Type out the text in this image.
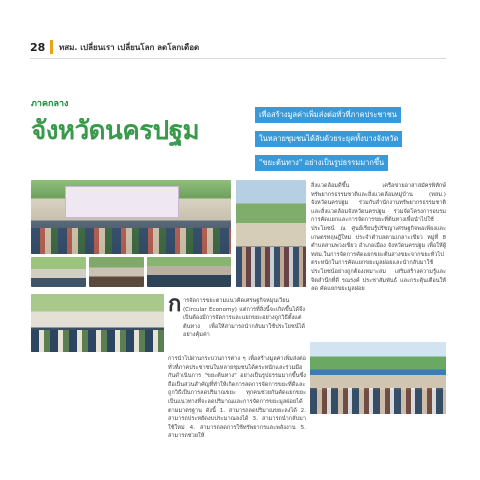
28	ทสม. เปลี่ยนเรา เปลี่ยนโลก ลดโลกเดือด
ภาคกลาง
จังหวัดนครปฐม
เพื่อสร้างมูลค่าเพิ่มส่งต่อทั่วที่ภาคประชาชน
ในหลายชุมชนได้ลับด้วยระยุคทั้งบางจังหวัด
"ขยะต้นทาง" อย่างเป็นรูปธรรมมากขึ้น
สิ่งแวดล้อมดีขึ้น เครือข่ายอาสาสมัครพิทักษ์ทรัพยากรธรรมชาติและสิ่งแวดล้อมหมู่บ้าน (ทสม.) จังหวัดนครปฐม ร่วมกับสำนักงานทรัพยากรธรรมชาติและสิ่งแวดล้อมจังหวัดนครปฐม ร่วมจัดโครงการอบรม การคัดแยกและการจัดการขยะที่ต้นทางเพื่อนำไปใช้ประโยชน์ ณ ศูนย์เรียนรู้ปรัชญาเศรษฐกิจพอเพียงและเกษตรทฤษฎีใหม่ ประจำตำบลตามเกลาะเขียว หมู่ที่ 8 ตำบลสามพวงเขียว อำเภอเมือง จังหวัดนครปฐม เพื่อให้ผู้ทสม.ในการจัดการคัดแยกขยะต้นสางขยะจากขยะทั่วไป ตระหนักในการคัดแยกขยะมูลฝอยและนำกลับมาใช้ประโยชน์อย่างถูกต้องเหมาะสม เสริมสร้างความรู้และจิตสำนึกที่ดี รณรงค์ ประชาสัมพันธ์ และกระตุ้นเตือนให้ ลด คัดแยกขยะมูลฝอย
ก ารจัดการขยะตามแนวคิดเศรษฐกิจหมุนเวียน (Circular Economy) แต่การที่สิ่งนี้จะเกิดขึ้นได้จึงเป็นต้องมีการจัดการและแยกขยะอย่างถูกวิธีตั้งแต่ต้นทาง เพื่อให้สามารถนำกลับมาใช้ประโยชน์ได้อย่างคุ้มค่า
การนำไปผ่านกระบวนการต่าง ๆ เพื่อสร้างมูลค่าเพิ่มส่งต่อทั่วที่ภาคประชาชนในหลายชุมชนได้ตระหนักและร่วมมือกันดำเนินการ "ขยะต้นทาง" อย่างเป็นรูปธรรมมากขึ้นซึ่งถือเป็นส่วนสำคัญที่ทำให้เกิดการลดการจัดการขยะที่ดีและถูกวิธีเป็นการลดปริมาณขยะ ทุกคนช่วยกันคัดแยกขยะ เป็นแนวทางที่จะลดปริมาณและการจัดการขยะมูลฝอยได้ตามมาตรฐาน ดังนี้ 1. สามารถลดปริมาณขยะลงได้ 2. สามารถประหยัดงบประมาณลงได้ 3. สามารถนำกลับมาใช้ใหม่ 4. สามารถลดการใช้ทรัพยากรและพลังงาน 5. สามารถช่วยให้
